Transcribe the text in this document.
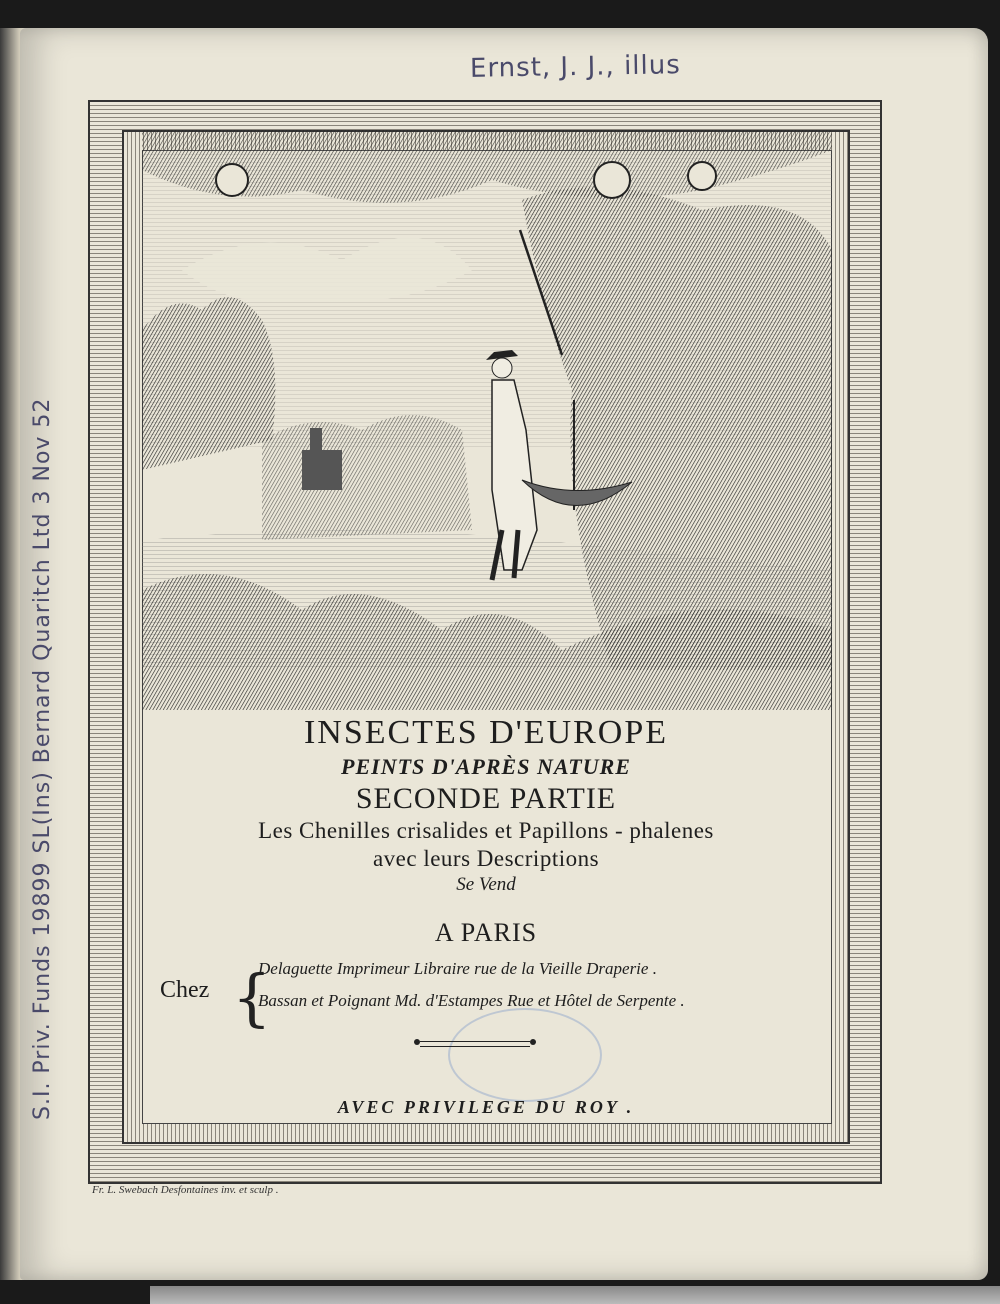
Ernst, J. J., illus
S.I. Priv. Funds 19899 SL(Ins) Bernard Quaritch Ltd 3 Nov 52	INSECTES D'EUROPE
PEINTS D'APRÈS NATURE
SECONDE PARTIE
Les Chenilles crisalides et Papillons - phalenes
avec leurs Descriptions
Se Vend
A PARIS
Chez {
Delaguette Imprimeur Libraire rue de la Vieille Draperie .
Bassan et Poignant Md. d'Estampes Rue et Hôtel de Serpente .
AVEC PRIVILEGE DU ROY .
Fr. L. Swebach Desfontaines inv. et sculp .
